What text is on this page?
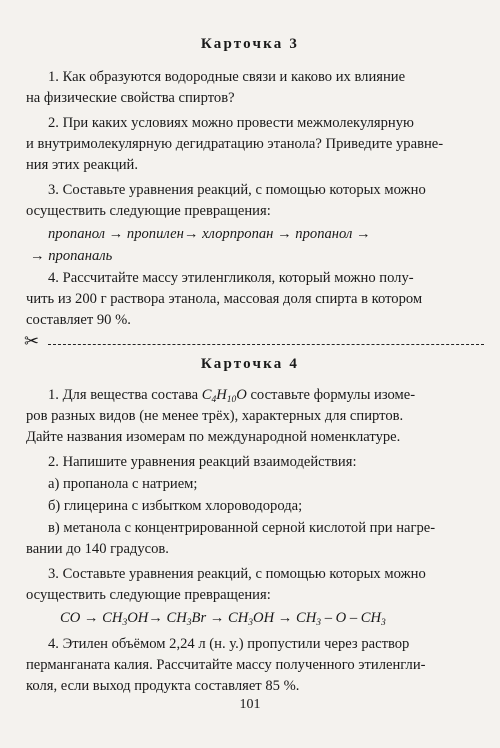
Карточка 3
1. Как образуются водородные связи и каково их влияние
на физические свойства спиртов?
2. При каких условиях можно провести межмолекулярную
и внутримолекулярную дегидратацию этанола? Приведите уравне-
ния этих реакций.
3. Составьте уравнения реакций, с помощью которых можно
осуществить следующие превращения:
пропанол → пропилен→ хлорпропан → пропанол →
→ пропаналь
4. Рассчитайте массу этиленгликоля, который можно полу-
чить из 200 г раствора этанола, массовая доля спирта в котором
составляет 90 %.
✂
Карточка 4
1. Для вещества состава $C_4H_{10}O$ составьте формулы изоме-
ров разных видов (не менее трёх), характерных для спиртов.
Дайте названия изомерам по международной номенклатуре.
2. Напишите уравнения реакций взаимодействия:
а) пропанола с натрием;
б) глицерина с избытком хлороводорода;
в) метанола с концентрированной серной кислотой при нагре-
вании до 140 градусов.
3. Составьте уравнения реакций, с помощью которых можно
осуществить следующие превращения:
CO → $CH_3OH\to CH_3Br \to CH_3OH \to CH_3 - O - CH_3$
4. Этилен объёмом 2,24 л (н. у.) пропустили через раствор
перманганата калия. Рассчитайте массу полученного этиленгли-
коля, если выход продукта составляет 85 %.
101
